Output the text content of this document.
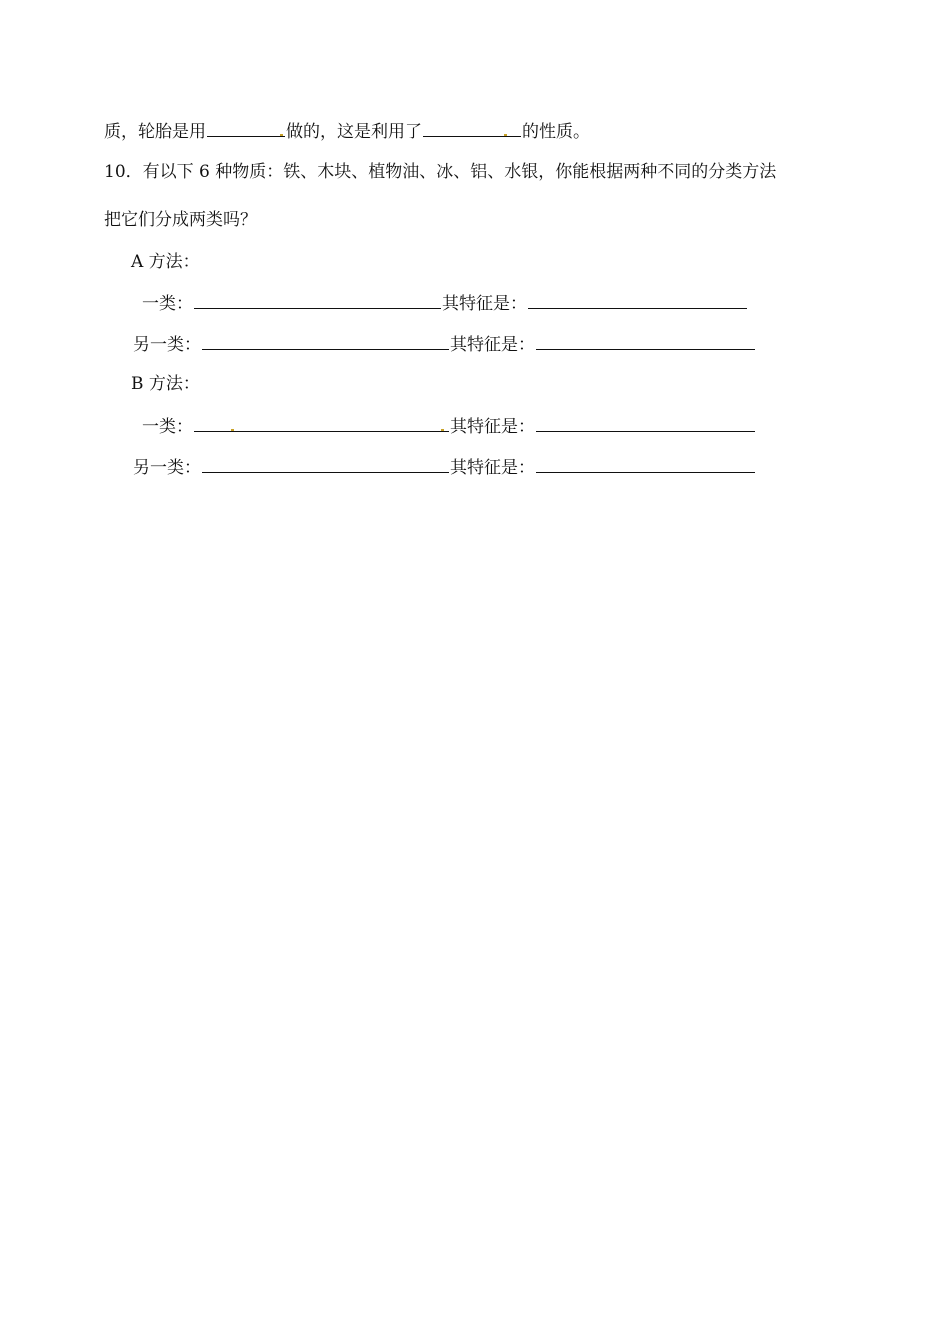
质，轮胎是用	做的，这是利用了	的性质。
10．有以下 6 种物质：铁、木块、植物油、冰、铝、水银，你能根据两种不同的分类方法
把它们分成两类吗？
A 方法：
一类：	其特征是：
另一类：	其特征是：
B 方法：
一类：	其特征是：
另一类：	其特征是：
